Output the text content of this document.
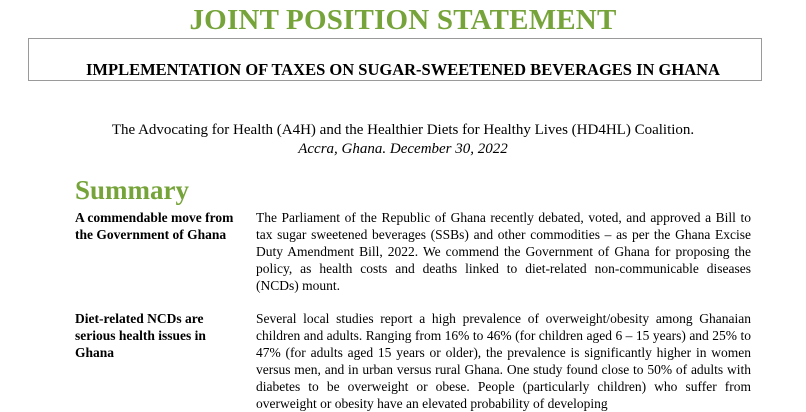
JOINT POSITION STATEMENT
IMPLEMENTATION OF TAXES ON SUGAR-SWEETENED BEVERAGES IN GHANA
The Advocating for Health (A4H) and the Healthier Diets for Healthy Lives (HD4HL) Coalition.
Accra, Ghana. December 30, 2022
Summary
A commendable move from the Government of Ghana
The Parliament of the Republic of Ghana recently debated, voted, and approved a Bill to tax sugar sweetened beverages (SSBs) and other commodities – as per the Ghana Excise Duty Amendment Bill, 2022. We commend the Government of Ghana for proposing the policy, as health costs and deaths linked to diet-related non-communicable diseases (NCDs) mount.
Diet-related NCDs are serious health issues in Ghana
Several local studies report a high prevalence of overweight/obesity among Ghanaian children and adults. Ranging from 16% to 46% (for children aged 6 – 15 years) and 25% to 47% (for adults aged 15 years or older), the prevalence is significantly higher in women versus men, and in urban versus rural Ghana. One study found close to 50% of adults with diabetes to be overweight or obese. People (particularly children) who suffer from overweight or obesity have an elevated probability of developing
